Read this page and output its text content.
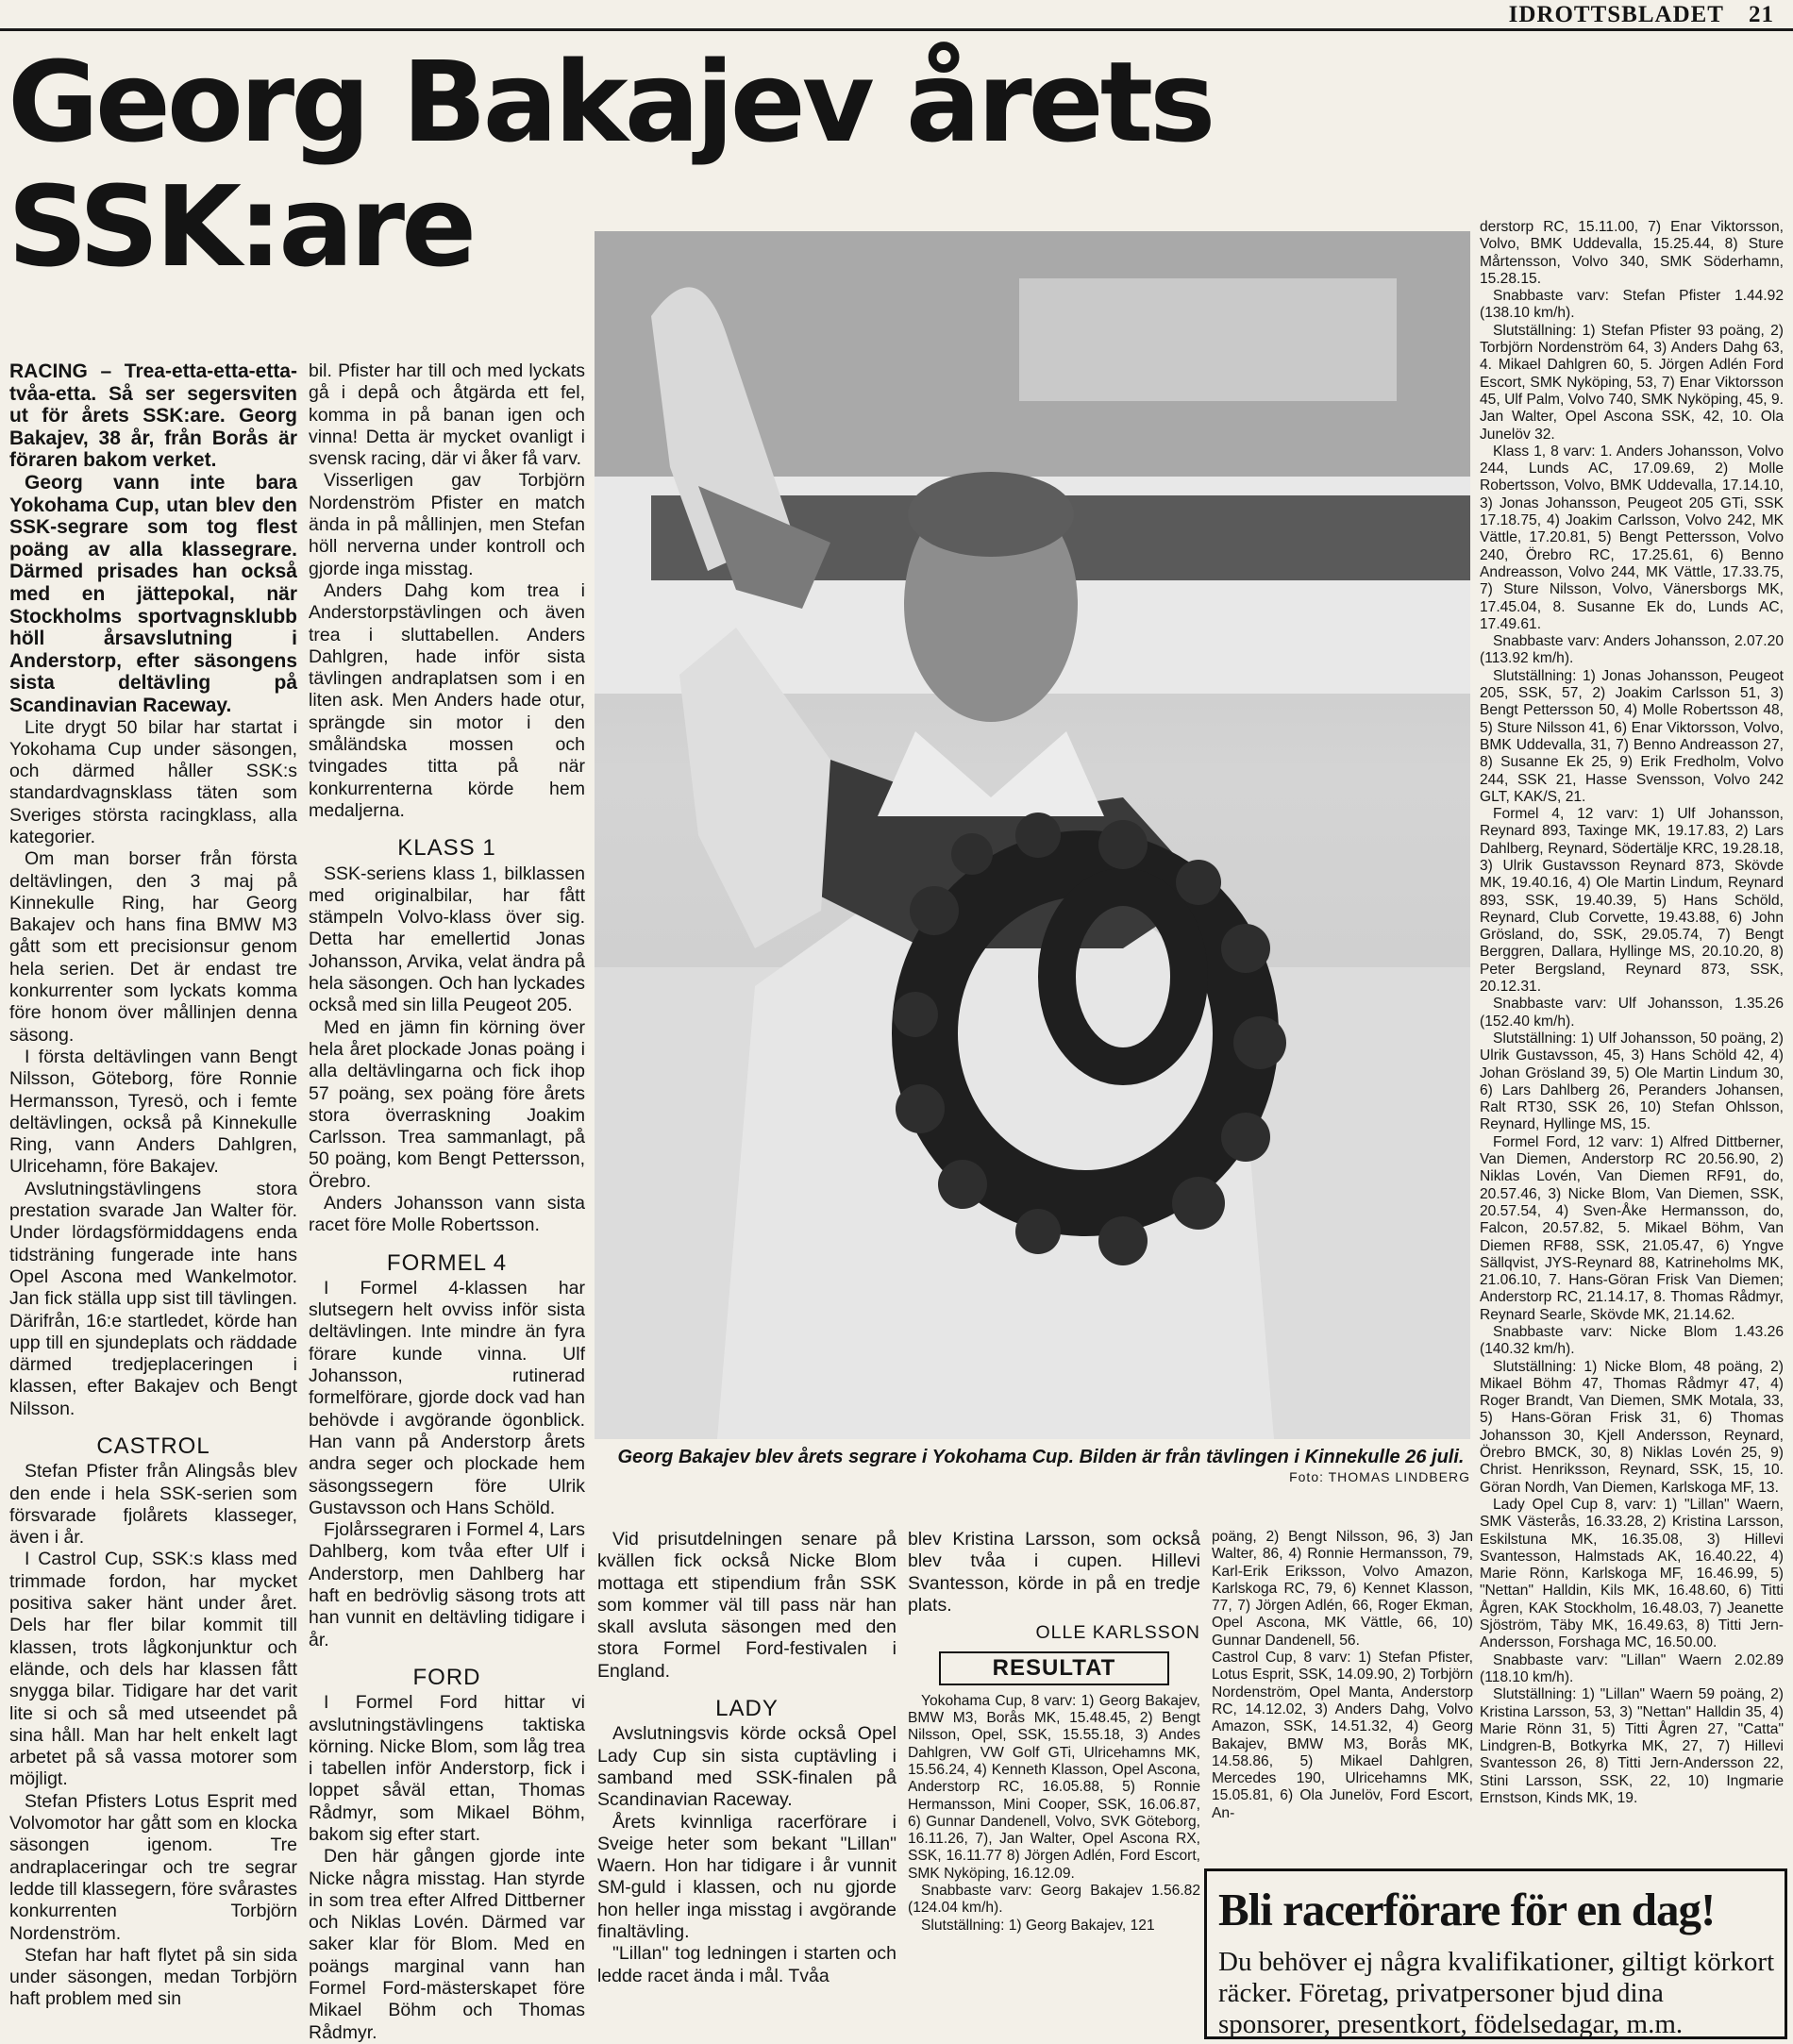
IDROTTSBLADET 21
Georg Bakajev årets SSK:are

RACING – Trea-etta-etta-etta-tvåa-etta. Så ser segersviten ut för årets SSK:are. Georg Bakajev, 38 år, från Borås är föraren bakom verket.

Georg vann inte bara Yokohama Cup, utan blev den SSK-segrare som tog flest poäng av alla klassegrare. Därmed prisades han också med en jättepokal, när Stockholms sportvagnsklubb höll årsavslutning i Anderstorp, efter säsongens sista deltävling på Scandinavian Raceway.

Lite drygt 50 bilar har startat i Yokohama Cup under säsongen, och därmed håller SSK:s standardvagnsklass täten som Sveriges största racingklass, alla kategorier.

Om man borser från första deltävlingen, den 3 maj på Kinnekulle Ring, har Georg Bakajev och hans fina BMW M3 gått som ett precisionsur genom hela serien. Det är endast tre konkurrenter som lyckats komma före honom över mållinjen denna säsong.

I första deltävlingen vann Bengt Nilsson, Göteborg, före Ronnie Hermansson, Tyresö, och i femte deltävlingen, också på Kinnekulle Ring, vann Anders Dahlgren, Ulricehamn, före Bakajev.

Avslutningstävlingens stora prestation svarade Jan Walter för. Under lördagsförmiddagens enda tidsträning fungerade inte hans Opel Ascona med Wankelmotor. Jan fick ställa upp sist till tävlingen. Därifrån, 16:e startledet, körde han upp till en sjundeplats och räddade därmed tredjeplaceringen i klassen, efter Bakajev och Bengt Nilsson.

CASTROL

Stefan Pfister från Alingsås blev den ende i hela SSK-serien som försvarade fjolårets klasseger, även i år.

I Castrol Cup, SSK:s klass med trimmade fordon, har mycket positiva saker hänt under året. Dels har fler bilar kommit till klassen, trots lågkonjunktur och elände, och dels har klassen fått snygga bilar. Tidigare har det varit lite si och så med utseendet på sina håll. Man har helt enkelt lagt arbetet på så vassa motorer som möjligt.

Stefan Pfisters Lotus Esprit med Volvomotor har gått som en klocka säsongen igenom. Tre andraplaceringar och tre segrar ledde till klassegern, före svårastes konkurrenten Torbjörn Nordenström.

Stefan har haft flytet på sin sida under säsongen, medan Torbjörn haft problem med sin

bil. Pfister har till och med lyckats gå i depå och åtgärda ett fel, komma in på banan igen och vinna! Detta är mycket ovanligt i svensk racing, där vi åker få varv.

Visserligen gav Torbjörn Nordenström Pfister en match ända in på mållinjen, men Stefan höll nerverna under kontroll och gjorde inga misstag.

Anders Dahg kom trea i Anderstorpstävlingen och även trea i sluttabellen. Anders Dahlgren, hade inför sista tävlingen andraplatsen som i en liten ask. Men Anders hade otur, sprängde sin motor i den småländska mossen och tvingades titta på när konkurrenterna körde hem medaljerna.

KLASS 1

SSK-seriens klass 1, bilklassen med originalbilar, har fått stämpeln Volvo-klass över sig. Detta har emellertid Jonas Johansson, Arvika, velat ändra på hela säsongen. Och han lyckades också med sin lilla Peugeot 205.

Med en jämn fin körning över hela året plockade Jonas poäng i alla deltävlingarna och fick ihop 57 poäng, sex poäng före årets stora överraskning Joakim Carlsson. Trea sammanlagt, på 50 poäng, kom Bengt Pettersson, Örebro.

Anders Johansson vann sista racet före Molle Robertsson.

FORMEL 4

I Formel 4-klassen har slutsegern helt ovviss inför sista deltävlingen. Inte mindre än fyra förare kunde vinna. Ulf Johansson, rutinerad formelförare, gjorde dock vad han behövde i avgörande ögonblick. Han vann på Anderstorp årets andra seger och plockade hem säsongssegern före Ulrik Gustavsson och Hans Schöld.

Fjolårssegraren i Formel 4, Lars Dahlberg, kom tvåa efter Ulf i Anderstorp, men Dahlberg har haft en bedrövlig säsong trots att han vunnit en deltävling tidigare i år.

FORD

I Formel Ford hittar vi avslutningstävlingens taktiska körning. Nicke Blom, som låg trea i tabellen inför Anderstorp, fick i loppet såväl ettan, Thomas Rådmyr, som Mikael Böhm, bakom sig efter start.

Den här gången gjorde inte Nicke några misstag. Han styrde in som trea efter Alfred Dittberner och Niklas Lovén. Därmed var saker klar för Blom. Med en poängs marginal vann han Formel Ford-mästerskapet före Mikael Böhm och Thomas Rådmyr.

Georg Bakajev blev årets segrare i Yokohama Cup. Bilden är från tävlingen i Kinnekulle 26 juli.
Foto: THOMAS LINDBERG

Vid prisutdelningen senare på kvällen fick också Nicke Blom mottaga ett stipendium från SSK som kommer väl till pass när han skall avsluta säsongen med den stora Formel Ford-festivalen i England.

LADY

Avslutningsvis körde också Opel Lady Cup sin sista cuptävling i samband med SSK-finalen på Scandinavian Raceway.

Årets kvinnliga racerförare i Sveige heter som bekant "Lillan" Waern. Hon har tidigare i år vunnit SM-guld i klassen, och nu gjorde hon heller inga misstag i avgörande finaltävling.

"Lillan" tog ledningen i starten och ledde racet ända i mål. Tvåa

blev Kristina Larsson, som också blev tvåa i cupen. Hillevi Svantesson, körde in på en tredje plats.

OLLE KARLSSON

RESULTAT

Yokohama Cup, 8 varv: 1) Georg Bakajev, BMW M3, Borås MK, 15.48.45, 2) Bengt Nilsson, Opel, SSK, 15.55.18, 3) Andes Dahlgren, VW Golf GTi, Ulricehamns MK, 15.56.24, 4) Kenneth Klasson, Opel Ascona, Anderstorp RC, 16.05.88, 5) Ronnie Hermansson, Mini Cooper, SSK, 16.06.87, 6) Gunnar Dandenell, Volvo, SVK Göteborg, 16.11.26, 7), Jan Walter, Opel Ascona RX, SSK, 16.11.77 8) Jörgen Adlén, Ford Escort, SMK Nyköping, 16.12.09.

Snabbaste varv: Georg Bakajev 1.56.82 (124.04 km/h).

Slutställning: 1) Georg Bakajev, 121

poäng, 2) Bengt Nilsson, 96, 3) Jan Walter, 86, 4) Ronnie Hermansson, 79, Karl-Erik Eriksson, Volvo Amazon, Karlskoga RC, 79, 6) Kennet Klasson, 77, 7) Jörgen Adlén, 66, Roger Ekman, Opel Ascona, MK Vättle, 66, 10) Gunnar Dandenell, 56.

Castrol Cup, 8 varv: 1) Stefan Pfister, Lotus Esprit, SSK, 14.09.90, 2) Torbjörn Nordenström, Opel Manta, Anderstorp RC, 14.12.02, 3) Anders Dahg, Volvo Amazon, SSK, 14.51.32, 4) Georg Bakajev, BMW M3, Borås MK, 14.58.86, 5) Mikael Dahlgren, Mercedes 190, Ulricehamns MK, 15.05.81, 6) Ola Junelöv, Ford Escort, An-

derstorp RC, 15.11.00, 7) Enar Viktorsson, Volvo, BMK Uddevalla, 15.25.44, 8) Sture Mårtensson, Volvo 340, SMK Söderhamn, 15.28.15.

Snabbaste varv: Stefan Pfister 1.44.92 (138.10 km/h).

Slutställning: 1) Stefan Pfister 93 poäng, 2) Torbjörn Nordenström 64, 3) Anders Dahg 63, 4. Mikael Dahlgren 60, 5. Jörgen Adlén Ford Escort, SMK Nyköping, 53, 7) Enar Viktorsson 45, Ulf Palm, Volvo 740, SMK Nyköping, 45, 9. Jan Walter, Opel Ascona SSK, 42, 10. Ola Junelöv 32.

Klass 1, 8 varv: 1. Anders Johansson, Volvo 244, Lunds AC, 17.09.69, 2) Molle Robertsson, Volvo, BMK Uddevalla, 17.14.10, 3) Jonas Johansson, Peugeot 205 GTi, SSK 17.18.75, 4) Joakim Carlsson, Volvo 242, MK Vättle, 17.20.81, 5) Bengt Pettersson, Volvo 240, Örebro RC, 17.25.61, 6) Benno Andreasson, Volvo 244, MK Vättle, 17.33.75, 7) Sture Nilsson, Volvo, Vänersborgs MK, 17.45.04, 8. Susanne Ek do, Lunds AC, 17.49.61.

Snabbaste varv: Anders Johansson, 2.07.20 (113.92 km/h).

Slutställning: 1) Jonas Johansson, Peugeot 205, SSK, 57, 2) Joakim Carlsson 51, 3) Bengt Pettersson 50, 4) Molle Robertsson 48, 5) Sture Nilsson 41, 6) Enar Viktorsson, Volvo, BMK Uddevalla, 31, 7) Benno Andreasson 27, 8) Susanne Ek 25, 9) Erik Fredholm, Volvo 244, SSK 21, Hasse Svensson, Volvo 242 GLT, KAK/S, 21.

Formel 4, 12 varv: 1) Ulf Johansson, Reynard 893, Taxinge MK, 19.17.83, 2) Lars Dahlberg, Reynard, Södertälje KRC, 19.28.18, 3) Ulrik Gustavsson Reynard 873, Skövde MK, 19.40.16, 4) Ole Martin Lindum, Reynard 893, SSK, 19.40.39, 5) Hans Schöld, Reynard, Club Corvette, 19.43.88, 6) John Grösland, do, SSK, 29.05.74, 7) Bengt Berggren, Dallara, Hyllinge MS, 20.10.20, 8) Peter Bergsland, Reynard 873, SSK, 20.12.31.

Snabbaste varv: Ulf Johansson, 1.35.26 (152.40 km/h).

Slutställning: 1) Ulf Johansson, 50 poäng, 2) Ulrik Gustavsson, 45, 3) Hans Schöld 42, 4) Johan Grösland 39, 5) Ole Martin Lindum 30, 6) Lars Dahlberg 26, Peranders Johansen, Ralt RT30, SSK 26, 10) Stefan Ohlsson, Reynard, Hyllinge MS, 15.

Formel Ford, 12 varv: 1) Alfred Dittberner, Van Diemen, Anderstorp RC 20.56.90, 2) Niklas Lovén, Van Diemen RF91, do, 20.57.46, 3) Nicke Blom, Van Diemen, SSK, 20.57.54, 4) Sven-Åke Hermansson, do, Falcon, 20.57.82, 5. Mikael Böhm, Van Diemen RF88, SSK, 21.05.47, 6) Yngve Sällqvist, JYS-Reynard 88, Katrineholms MK, 21.06.10, 7. Hans-Göran Frisk Van Diemen; Anderstorp RC, 21.14.17, 8. Thomas Rådmyr, Reynard Searle, Skövde MK, 21.14.62.

Snabbaste varv: Nicke Blom 1.43.26 (140.32 km/h).

Slutställning: 1) Nicke Blom, 48 poäng, 2) Mikael Böhm 47, Thomas Rådmyr 47, 4) Roger Brandt, Van Diemen, SMK Motala, 33, 5) Hans-Göran Frisk 31, 6) Thomas Johansson 30, Kjell Andersson, Reynard, Örebro BMCK, 30, 8) Niklas Lovén 25, 9) Christ. Henriksson, Reynard, SSK, 15, 10. Göran Nordh, Van Diemen, Karlskoga MF, 13.

Lady Opel Cup 8, varv: 1) "Lillan" Waern, SMK Västerås, 16.33.28, 2) Kristina Larsson, Eskilstuna MK, 16.35.08, 3) Hillevi Svantesson, Halmstads AK, 16.40.22, 4) Marie Rönn, Karlskoga MF, 16.46.99, 5) "Nettan" Halldin, Kils MK, 16.48.60, 6) Titti Ågren, KAK Stockholm, 16.48.03, 7) Jeanette Sjöström, Täby MK, 16.49.63, 8) Titti Jern-Andersson, Forshaga MC, 16.50.00.

Snabbaste varv: "Lillan" Waern 2.02.89 (118.10 km/h).

Slutställning: 1) "Lillan" Waern 59 poäng, 2) Kristina Larsson, 53, 3) "Nettan" Halldin 35, 4) Marie Rönn 31, 5) Titti Ågren 27, "Catta" Lindgren-B, Botkyrka MK, 27, 7) Hillevi Svantesson 26, 8) Titti Jern-Andersson 22, Stini Larsson, SSK, 22, 10) Ingmarie Ernstson, Kinds MK, 19.

Bli racerförare för en dag!
Du behöver ej några kvalifikationer, giltigt körkort räcker. Företag, privatpersoner bjud dina sponsorer, presentkort, födelsedagar, m.m.
